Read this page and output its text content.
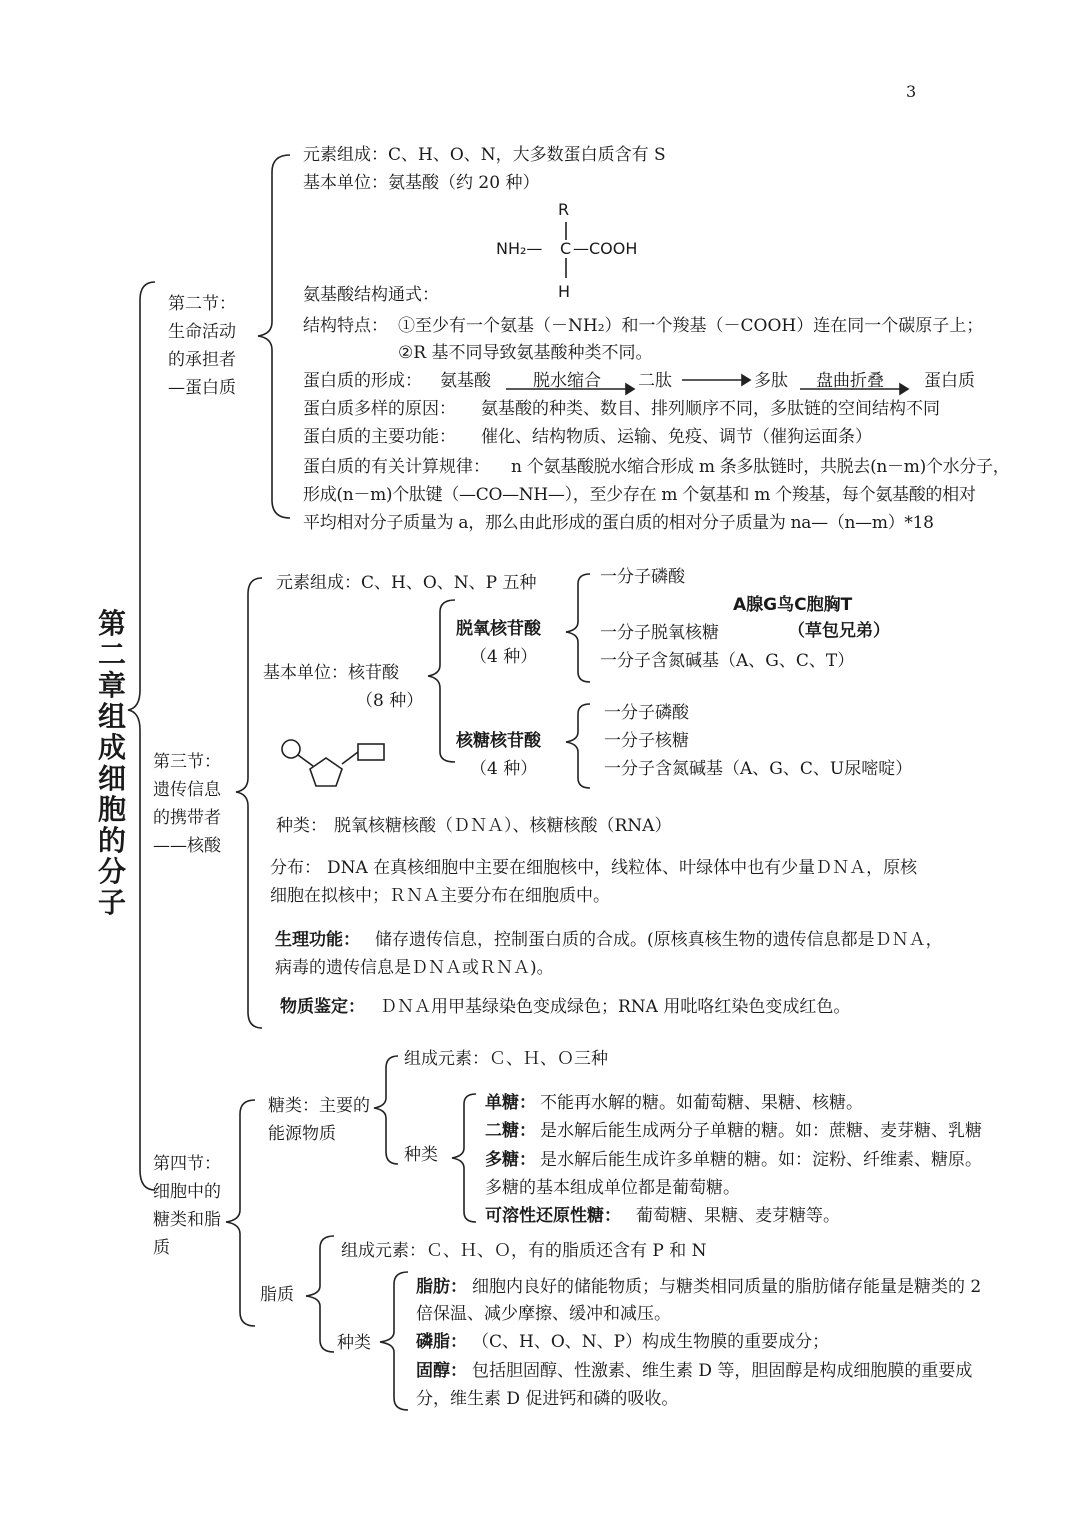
3
第二章 组成细胞的分子
第二节：生命活动的承担者—蛋白质
元素组成：C、H、O、N，大多数蛋白质含有 S
基本单位：氨基酸（约 20 种）
R
NH₂— C —COOH
H
氨基酸结构通式：
结构特点： ①至少有一个氨基（－NH₂）和一个羧基（－COOH）连在同一个碳原子上；
②R 基不同导致氨基酸种类不同。
蛋白质的形成： 氨基酸 脱水缩合 二肽	多肽 盘曲折叠 蛋白质
蛋白质多样的原因： 氨基酸的种类、数目、排列顺序不同，多肽链的空间结构不同
蛋白质的主要功能： 催化、结构物质、运输、免疫、调节（催狗运面条）
蛋白质的有关计算规律： n 个氨基酸脱水缩合形成 m 条多肽链时，共脱去(n－m)个水分子，
形成(n－m)个肽键（—CO—NH—），至少存在 m 个氨基和 m 个羧基，每个氨基酸的相对
平均相对分子质量为 a，那么由此形成的蛋白质的相对分子质量为 na—（n—m）*18
第三节：遗传信息的携带者——核酸
元素组成：C、H、O、N、P 五种
基本单位：核苷酸
（8 种）
脱氧核苷酸
（4 种）
一分子磷酸
一分子脱氧核糖
一分子含氮碱基（A、G、C、T）
A腺G鸟C胞胸T
（草包兄弟）
核糖核苷酸
（4 种）
一分子磷酸
一分子核糖
一分子含氮碱基（A、G、C、U尿嘧啶）
种类： 脱氧核糖核酸（ＤＮＡ）、核糖核酸（RNA）
分布： DNA 在真核细胞中主要在细胞核中，线粒体、叶绿体中也有少量ＤＮＡ，原核
细胞在拟核中；ＲＮＡ主要分布在细胞质中。
生理功能： 储存遗传信息，控制蛋白质的合成。(原核真核生物的遗传信息都是ＤＮＡ，
病毒的遗传信息是ＤＮＡ或ＲＮＡ)。
物质鉴定： ＤＮＡ用甲基绿染色变成绿色；RNA 用吡咯红染色变成红色。
第四节：细胞中的糖类和脂质
糖类：主要的能源物质
组成元素：Ｃ、Ｈ、Ｏ三种
种类
单糖： 不能再水解的糖。如葡萄糖、果糖、核糖。
二糖： 是水解后能生成两分子单糖的糖。如：蔗糖、麦芽糖、乳糖
多糖： 是水解后能生成许多单糖的糖。如：淀粉、纤维素、糖原。
多糖的基本组成单位都是葡萄糖。
可溶性还原性糖： 葡萄糖、果糖、麦芽糖等。
脂质
组成元素：Ｃ、Ｈ、Ｏ，有的脂质还含有 P 和 N
种类
脂肪： 细胞内良好的储能物质；与糖类相同质量的脂肪储存能量是糖类的 2
倍保温、减少摩擦、缓冲和减压。
磷脂： （C、H、O、N、P）构成生物膜的重要成分；
固醇： 包括胆固醇、性激素、维生素 D 等，胆固醇是构成细胞膜的重要成
分，维生素 D 促进钙和磷的吸收。
